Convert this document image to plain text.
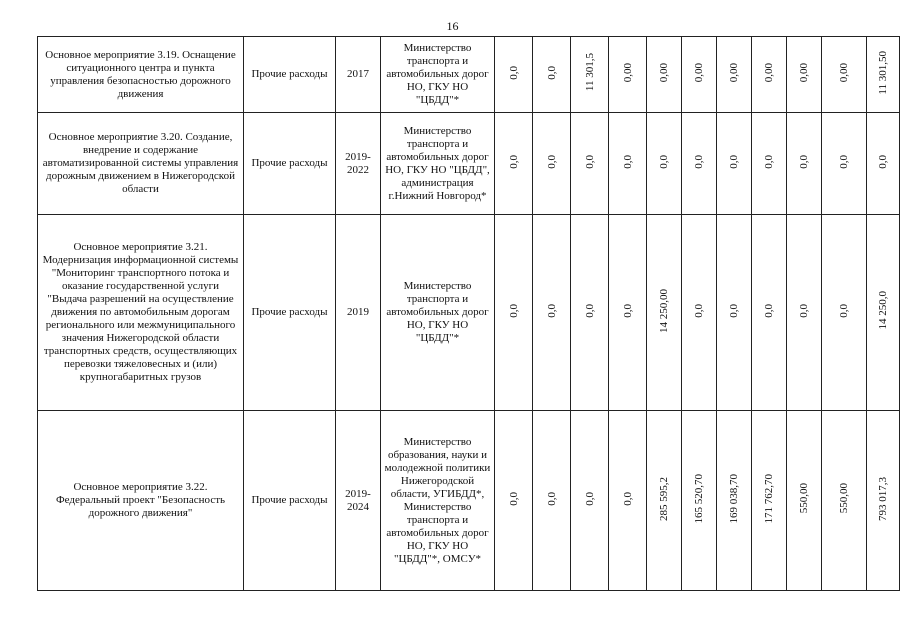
16
Основное мероприятие 3.19. Оснащение ситуационного центра и пункта управления безопасностью дорожного движения	Прочие расходы	2017	Министерство транспорта и автомобильных дорог НО, ГКУ НО "ЦБДД"*	0,0	0,0	11 301,5	0,00	0,00	0,00	0,00	0,00	0,00	0,00	11 301,50
Основное мероприятие 3.20. Создание, внедрение и содержание автоматизированной системы управления дорожным движением в Нижегородской области	Прочие расходы	2019-2022	Министерство транспорта и автомобильных дорог НО, ГКУ НО "ЦБДД", администрация г.Нижний Новгород*	0,0	0,0	0,0	0,0	0,0	0,0	0,0	0,0	0,0	0,0	0,0
Основное мероприятие 3.21. Модернизация информационной системы "Мониторинг транспортного потока и оказание государственной услуги "Выдача разрешений на осуществление движения по автомобильным дорогам регионального или межмуниципального значения Нижегородской области транспортных средств, осуществляющих перевозки тяжеловесных и (или) крупногабаритных грузов	Прочие расходы	2019	Министерство транспорта и автомобильных дорог НО, ГКУ НО "ЦБДД"*	0,0	0,0	0,0	0,0	14 250,00	0,0	0,0	0,0	0,0	0,0	14 250,0
Основное мероприятие 3.22. Федеральный проект "Безопасность дорожного движения"	Прочие расходы	2019-2024	Министерство образования, науки и молодежной политики Нижегородской области, УГИБДД*, Министерство транспорта и автомобильных дорог НО, ГКУ НО "ЦБДД"*, ОМСУ*	0,0	0,0	0,0	0,0	285 595,2	165 520,70	169 038,70	171 762,70	550,00	550,00	793 017,3
